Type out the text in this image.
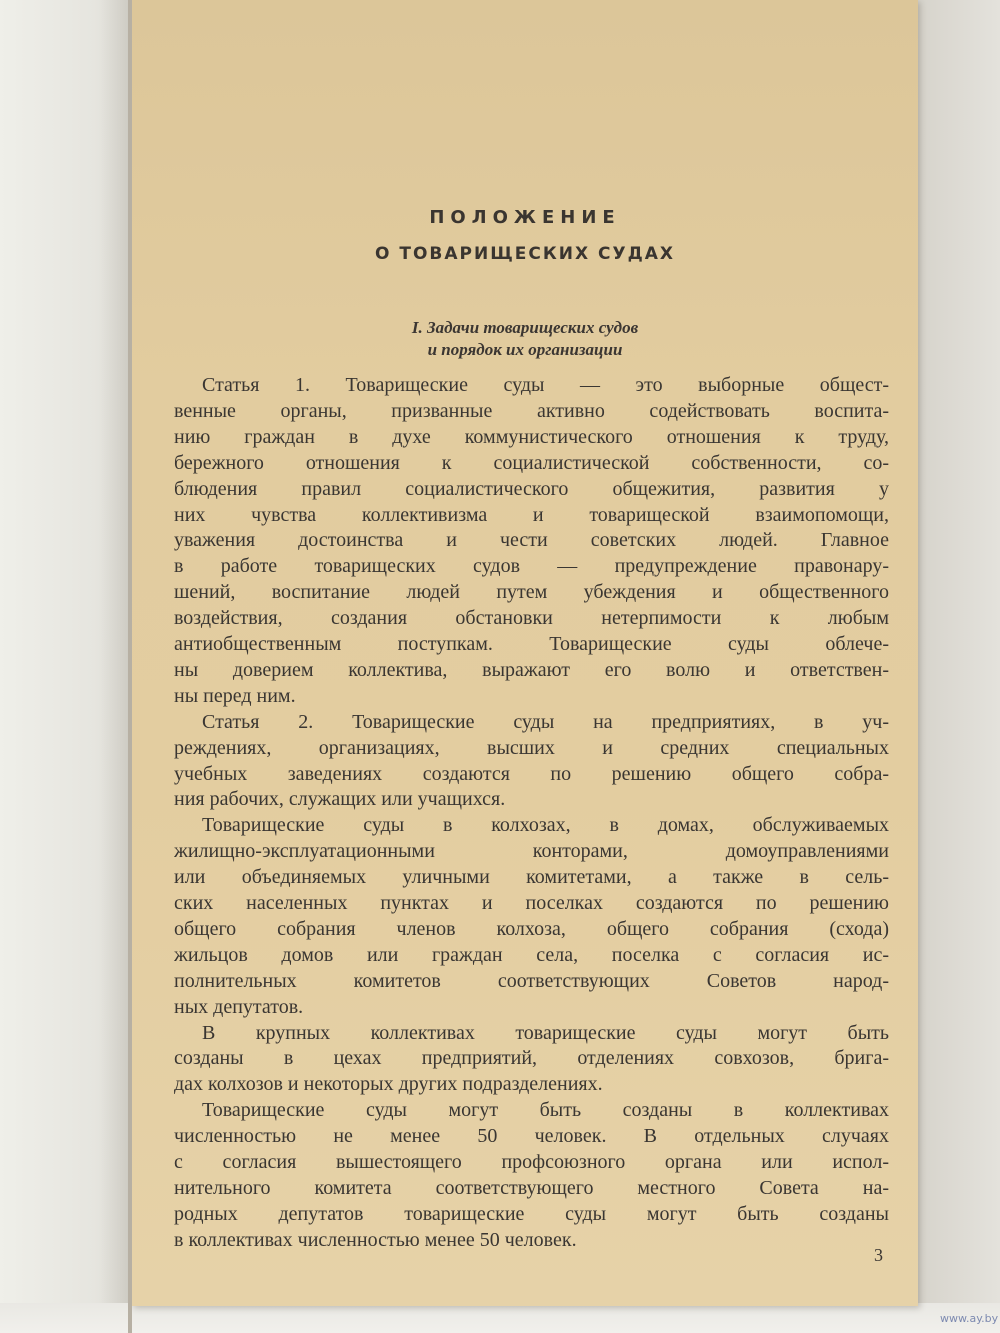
ПОЛОЖЕНИЕ
О ТОВАРИЩЕСКИХ СУДАХ
I. Задачи товарищеских судов
и порядок их организации
Статья 1. Товарищеские суды — это выборные общест-
венные органы, призванные активно содействовать воспита-
нию граждан в духе коммунистического отношения к труду,
бережного отношения к социалистической собственности, со-
блюдения правил социалистического общежития, развития у
них чувства коллективизма и товарищеской взаимопомощи,
уважения достоинства и чести советских людей. Главное
в работе товарищеских судов — предупреждение правонару-
шений, воспитание людей путем убеждения и общественного
воздействия, создания обстановки нетерпимости к любым
антиобщественным поступкам. Товарищеские суды облече-
ны доверием коллектива, выражают его волю и ответствен-
ны перед ним.
Статья 2. Товарищеские суды на предприятиях, в уч-
реждениях, организациях, высших и средних специальных
учебных заведениях создаются по решению общего собра-
ния рабочих, служащих или учащихся.
Товарищеские суды в колхозах, в домах, обслуживаемых
жилищно-эксплуатационными конторами, домоуправлениями
или объединяемых уличными комитетами, а также в сель-
ских населенных пунктах и поселках создаются по решению
общего собрания членов колхоза, общего собрания (схода)
жильцов домов или граждан села, поселка с согласия ис-
полнительных комитетов соответствующих Советов народ-
ных депутатов.
В крупных коллективах товарищеские суды могут быть
созданы в цехах предприятий, отделениях совхозов, брига-
дах колхозов и некоторых других подразделениях.
Товарищеские суды могут быть созданы в коллективах
численностью не менее 50 человек. В отдельных случаях
с согласия вышестоящего профсоюзного органа или испол-
нительного комитета соответствующего местного Совета на-
родных депутатов товарищеские суды могут быть созданы
в коллективах численностью менее 50 человек.
3
www.ay.by
